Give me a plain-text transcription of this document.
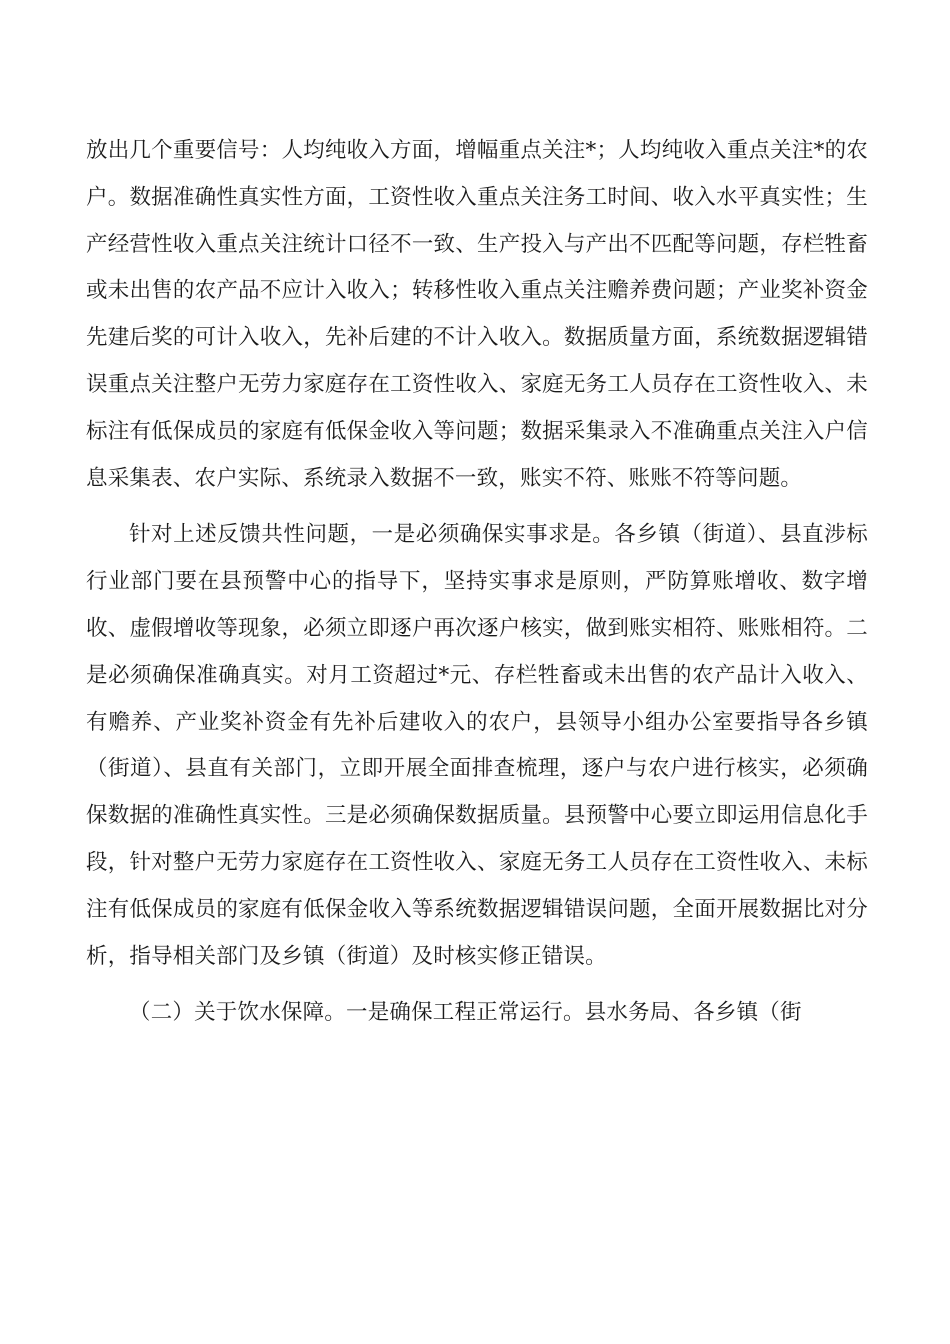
放出几个重要信号：人均纯收入方面，增幅重点关注*；人均纯收入重点关注*的农户。数据准确性真实性方面，工资性收入重点关注务工时间、收入水平真实性；生产经营性收入重点关注统计口径不一致、生产投入与产出不匹配等问题，存栏牲畜或未出售的农产品不应计入收入；转移性收入重点关注赡养费问题；产业奖补资金先建后奖的可计入收入，先补后建的不计入收入。数据质量方面，系统数据逻辑错误重点关注整户无劳力家庭存在工资性收入、家庭无务工人员存在工资性收入、未标注有低保成员的家庭有低保金收入等问题；数据采集录入不准确重点关注入户信息采集表、农户实际、系统录入数据不一致，账实不符、账账不符等问题。

针对上述反馈共性问题，一是必须确保实事求是。各乡镇（街道）、县直涉标行业部门要在县预警中心的指导下，坚持实事求是原则，严防算账增收、数字增收、虚假增收等现象，必须立即逐户再次逐户核实，做到账实相符、账账相符。二是必须确保准确真实。对月工资超过*元、存栏牲畜或未出售的农产品计入收入、有赡养、产业奖补资金有先补后建收入的农户，县领导小组办公室要指导各乡镇（街道）、县直有关部门，立即开展全面排查梳理，逐户与农户进行核实，必须确保数据的准确性真实性。三是必须确保数据质量。县预警中心要立即运用信息化手段，针对整户无劳力家庭存在工资性收入、家庭无务工人员存在工资性收入、未标注有低保成员的家庭有低保金收入等系统数据逻辑错误问题，全面开展数据比对分析，指导相关部门及乡镇（街道）及时核实修正错误。

（二）关于饮水保障。一是确保工程正常运行。县水务局、各乡镇（街
